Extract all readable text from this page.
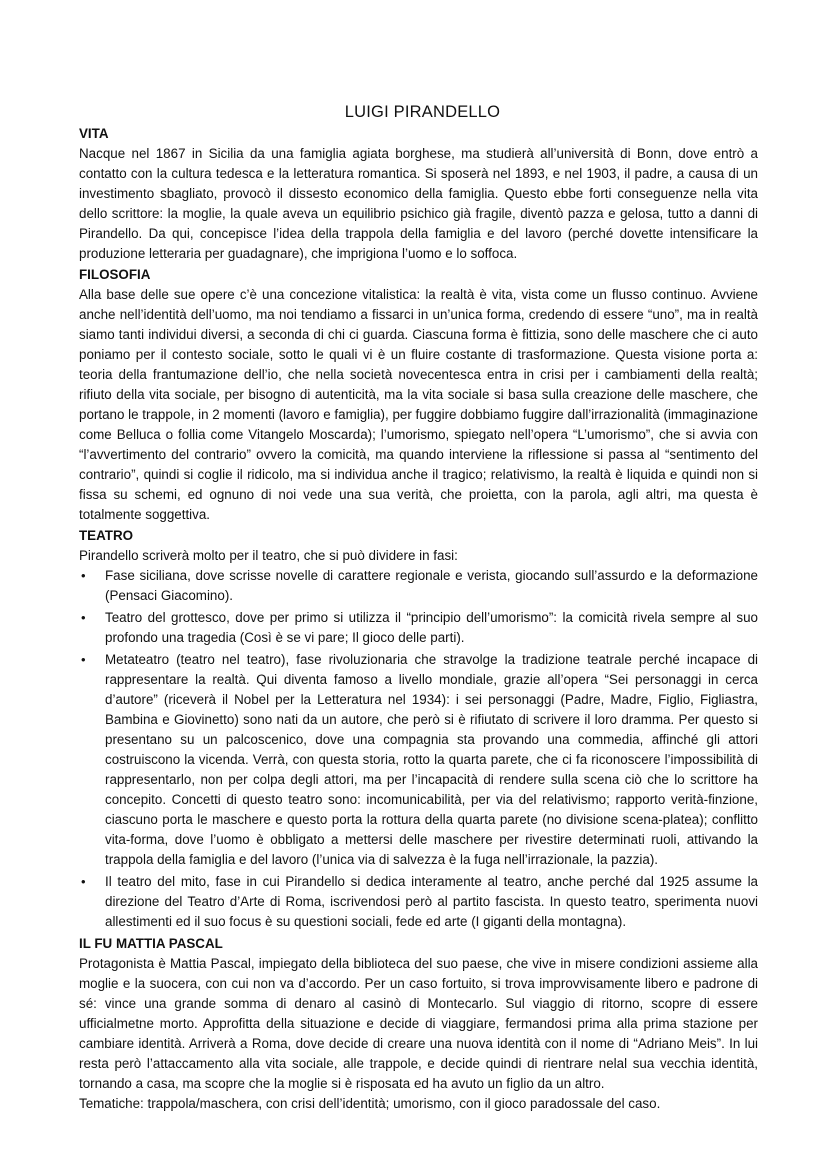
LUIGI PIRANDELLO
VITA

Nacque nel 1867 in Sicilia da una famiglia agiata borghese, ma studierà all’università di Bonn, dove entrò a contatto con la cultura tedesca e la letteratura romantica. Si sposerà nel 1893, e nel 1903, il padre, a causa di un investimento sbagliato, provocò il dissesto economico della famiglia. Questo ebbe forti conseguenze nella vita dello scrittore: la moglie, la quale aveva un equilibrio psichico già fragile, diventò pazza e gelosa, tutto a danni di Pirandello. Da qui, concepisce l’idea della trappola della famiglia e del lavoro (perché dovette intensificare la produzione letteraria per guadagnare), che imprigiona l’uomo e lo soffoca.

FILOSOFIA

Alla base delle sue opere c’è una concezione vitalistica: la realtà è vita, vista come un flusso continuo. Avviene anche nell’identità dell’uomo, ma noi tendiamo a fissarci in un’unica forma, credendo di essere “uno”, ma in realtà siamo tanti individui diversi, a seconda di chi ci guarda. Ciascuna forma è fittizia, sono delle maschere che ci auto poniamo per il contesto sociale, sotto le quali vi è un fluire costante di trasformazione. Questa visione porta a: teoria della frantumazione dell’io, che nella società novecentesca entra in crisi per i cambiamenti della realtà; rifiuto della vita sociale, per bisogno di autenticità, ma la vita sociale si basa sulla creazione delle maschere, che portano le trappole, in 2 momenti (lavoro e famiglia), per fuggire dobbiamo fuggire dall’irrazionalità (immaginazione come Belluca o follia come Vitangelo Moscarda); l’umorismo, spiegato nell’opera “L’umorismo”, che si avvia con “l’avvertimento del contrario” ovvero la comicità, ma quando interviene la riflessione si passa al “sentimento del contrario”, quindi si coglie il ridicolo, ma si individua anche il tragico; relativismo, la realtà è liquida e quindi non si fissa su schemi, ed ognuno di noi vede una sua verità, che proietta, con la parola, agli altri, ma questa è totalmente soggettiva.

TEATRO

Pirandello scriverà molto per il teatro, che si può dividere in fasi:

• Fase siciliana, dove scrisse novelle di carattere regionale e verista, giocando sull’assurdo e la deformazione (Pensaci Giacomino).
• Teatro del grottesco, dove per primo si utilizza il “principio dell’umorismo”: la comicità rivela sempre al suo profondo una tragedia (Così è se vi pare; Il gioco delle parti).
• Metateatro (teatro nel teatro), fase rivoluzionaria che stravolge la tradizione teatrale perché incapace di rappresentare la realtà. Qui diventa famoso a livello mondiale, grazie all’opera “Sei personaggi in cerca d’autore” (riceverà il Nobel per la Letteratura nel 1934): i sei personaggi (Padre, Madre, Figlio, Figliastra, Bambina e Giovinetto) sono nati da un autore, che però si è rifiutato di scrivere il loro dramma. Per questo si presentano su un palcoscenico, dove una compagnia sta provando una commedia, affinché gli attori costruiscono la vicenda. Verrà, con questa storia, rotto la quarta parete, che ci fa riconoscere l’impossibilità di rappresentarlo, non per colpa degli attori, ma per l’incapacità di rendere sulla scena ciò che lo scrittore ha concepito. Concetti di questo teatro sono: incomunicabilità, per via del relativismo; rapporto verità-finzione, ciascuno porta le maschere e questo porta la rottura della quarta parete (no divisione scena-platea); conflitto vita-forma, dove l’uomo è obbligato a mettersi delle maschere per rivestire determinati ruoli, attivando la trappola della famiglia e del lavoro (l’unica via di salvezza è la fuga nell’irrazionale, la pazzia).
• Il teatro del mito, fase in cui Pirandello si dedica interamente al teatro, anche perché dal 1925 assume la direzione del Teatro d’Arte di Roma, iscrivendosi però al partito fascista. In questo teatro, sperimenta nuovi allestimenti ed il suo focus è su questioni sociali, fede ed arte (I giganti della montagna).
IL FU MATTIA PASCAL

Protagonista è Mattia Pascal, impiegato della biblioteca del suo paese, che vive in misere condizioni assieme alla moglie e la suocera, con cui non va d’accordo. Per un caso fortuito, si trova improvvisamente libero e padrone di sé: vince una grande somma di denaro al casinò di Montecarlo. Sul viaggio di ritorno, scopre di essere ufficialmetne morto. Approfitta della situazione e decide di viaggiare, fermandosi prima alla prima stazione per cambiare identità. Arriverà a Roma, dove decide di creare una nuova identità con il nome di “Adriano Meis”. In lui resta però l’attaccamento alla vita sociale, alle trappole, e decide quindi di rientrare nelal sua vecchia identità, tornando a casa, ma scopre che la moglie si è risposata ed ha avuto un figlio da un altro.

Tematiche: trappola/maschera, con crisi dell’identità; umorismo, con il gioco paradossale del caso.
